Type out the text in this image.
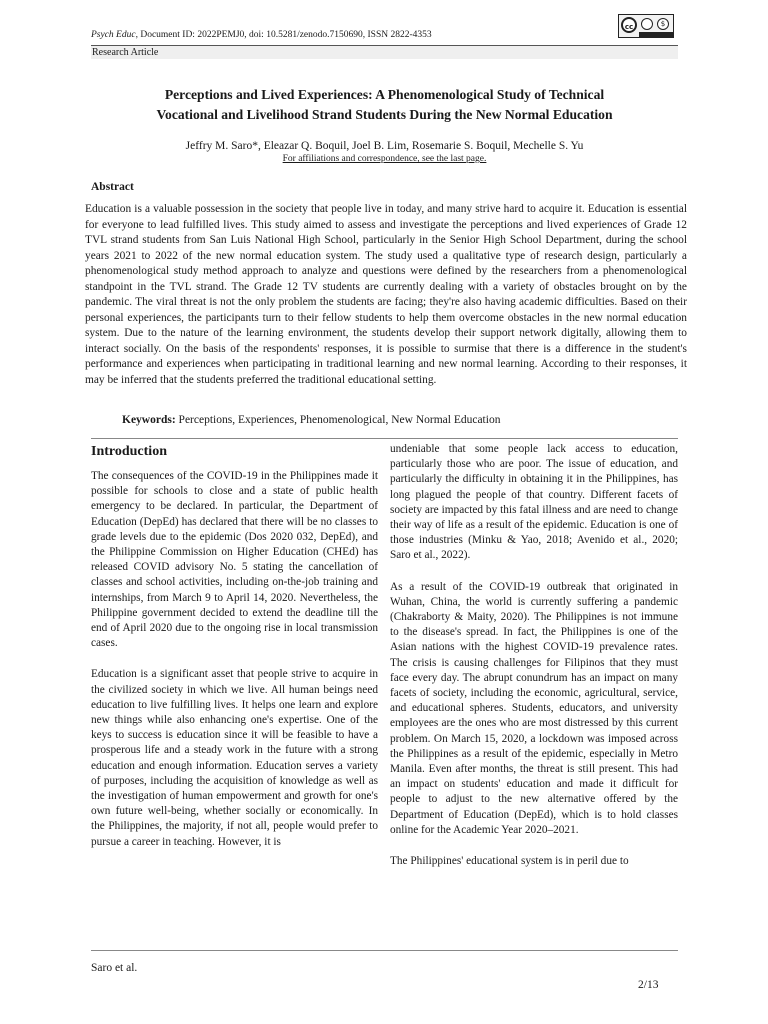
Psych Educ, Document ID: 2022PEMJ0, doi: 10.5281/zenodo.7150690, ISSN 2822-4353
cc	$
Research Article
Perceptions and Lived Experiences: A Phenomenological Study of Technical
Vocational and Livelihood Strand Students During the New Normal Education
Jeffry M. Saro*, Eleazar Q. Boquil, Joel B. Lim, Rosemarie S. Boquil, Mechelle S. Yu
For affiliations and correspondence, see the last page.
Abstract

Education is a valuable possession in the society that people live in today, and many strive hard to acquire it. Education is essential for everyone to lead fulfilled lives. This study aimed to assess and investigate the perceptions and lived experiences of Grade 12 TVL strand students from San Luis National High School, particularly in the Senior High School Department, during the school years 2021 to 2022 of the new normal education system. The study used a qualitative type of research design, particularly a phenomenological study method approach to analyze and questions were defined by the researchers from a phenomenological standpoint in the TVL strand. The Grade 12 TV students are currently dealing with a variety of obstacles brought on by the pandemic. The viral threat is not the only problem the students are facing; they're also having academic difficulties. Based on their personal experiences, the participants turn to their fellow students to help them overcome obstacles in the new normal education system. Due to the nature of the learning environment, the students develop their support network digitally, allowing them to interact socially. On the basis of the respondents' responses, it is possible to surmise that there is a difference in the student's performance and experiences when participating in traditional learning and new normal learning. According to their responses, it may be inferred that the students preferred the traditional educational setting.

Keywords: Perceptions, Experiences, Phenomenological, New Normal Education
Introduction

The consequences of the COVID-19 in the Philippines made it possible for schools to close and a state of public health emergency to be declared. In particular, the Department of Education (DepEd) has declared that there will be no classes to grade levels due to the epidemic (Dos 2020 032, DepEd), and the Philippine Commission on Higher Education (CHEd) has released COVID advisory No. 5 stating the cancellation of classes and school activities, including on-the-job training and internships, from March 9 to April 14, 2020. Nevertheless, the Philippine government decided to extend the deadline till the end of April 2020 due to the ongoing rise in local transmission cases.

Education is a significant asset that people strive to acquire in the civilized society in which we live. All human beings need education to live fulfilling lives. It helps one learn and explore new things while also enhancing one's expertise. One of the keys to success is education since it will be feasible to have a prosperous life and a steady work in the future with a strong education and enough information. Education serves a variety of purposes, including the acquisition of knowledge as well as the investigation of human empowerment and growth for one's own future well-being, whether socially or economically. In the Philippines, the majority, if not all, people would prefer to pursue a career in teaching. However, it is

undeniable that some people lack access to education, particularly those who are poor. The issue of education, and particularly the difficulty in obtaining it in the Philippines, has long plagued the people of that country. Different facets of society are impacted by this fatal illness and are need to change their way of life as a result of the epidemic. Education is one of those industries (Minku & Yao, 2018; Avenido et al., 2020; Saro et al., 2022).

As a result of the COVID-19 outbreak that originated in Wuhan, China, the world is currently suffering a pandemic (Chakraborty & Maity, 2020). The Philippines is not immune to the disease's spread. In fact, the Philippines is one of the Asian nations with the highest COVID-19 prevalence rates. The crisis is causing challenges for Filipinos that they must face every day. The abrupt conundrum has an impact on many facets of society, including the economic, agricultural, service, and educational spheres. Students, educators, and university employees are the ones who are most distressed by this current problem. On March 15, 2020, a lockdown was imposed across the Philippines as a result of the epidemic, especially in Metro Manila. Even after months, the threat is still present. This had an impact on students' education and made it difficult for people to adjust to the new alternative offered by the Department of Education (DepEd), which is to hold classes online for the Academic Year 2020–2021.

The Philippines' educational system is in peril due to

Saro et al.
2/13
